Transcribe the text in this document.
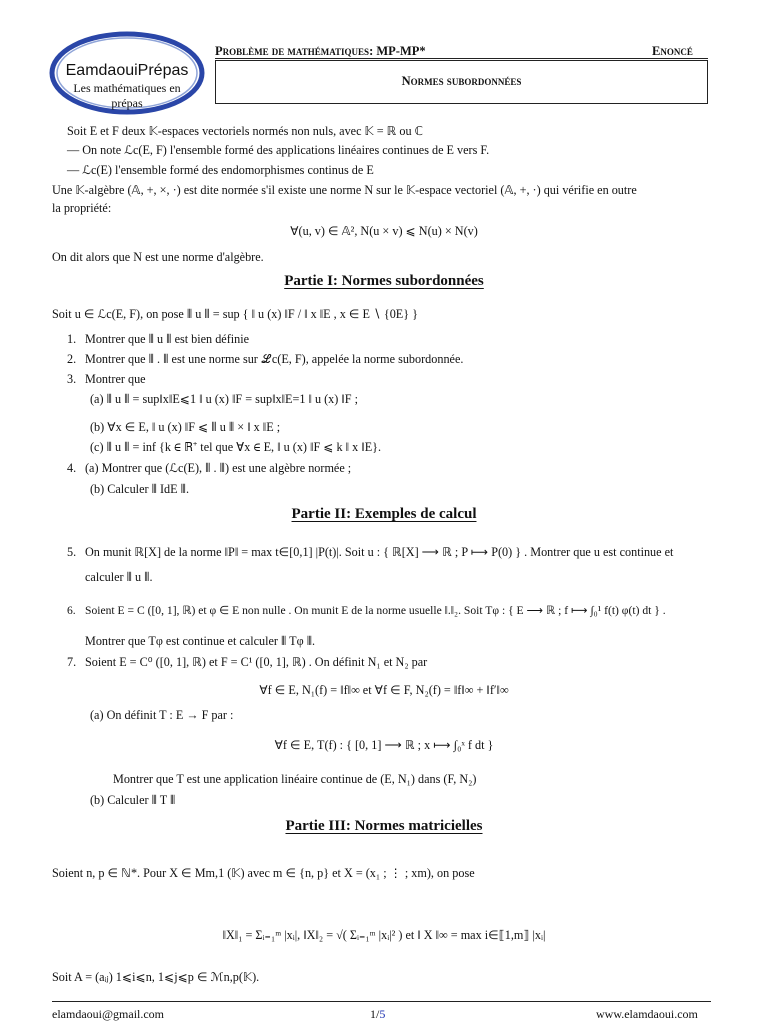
EamdaouiPrépas
Les mathématiques en prépas
Problème de mathématiques: MP-MP*	Enoncé
Normes subordonnées
Soit E et F deux 𝕂-espaces vectoriels normés non nuls, avec 𝕂 = ℝ ou ℂ
— On note ℒc(E, F) l'ensemble formé des applications linéaires continues de E vers F.
— ℒc(E) l'ensemble formé des endomorphismes continus de E
Une 𝕂-algèbre (𝔸, +, ×, ·) est dite normée s'il existe une norme N sur le 𝕂-espace vectoriel (𝔸, +, ·) qui vérifie en outre
la propriété:
∀(u, v) ∈ 𝔸², N(u × v) ⩽ N(u) × N(v)
On dit alors que N est une norme d'algèbre.
Partie I: Normes subordonnées
Soit u ∈ ℒc(E, F), on pose ⦀ u ⦀ = sup { ‖ u (x) ‖F / ‖ x ‖E , x ∈ E ∖ {0E} }
1. Montrer que ⦀ u ⦀ est bien définie
2. Montrer que ⦀ . ⦀ est une norme sur ℒc(E, F), appelée la norme subordonnée.
3. Montrer que
(a) ⦀ u ⦀ = sup‖x‖E⩽1 ‖ u (x) ‖F = sup‖x‖E=1 ‖ u (x) ‖F ;
(b) ∀x ∈ E, ‖ u (x) ‖F ⩽ ⦀ u ⦀ × ‖ x ‖E ;
(c) ⦀ u ⦀ = inf {k ∈ ℝ⁺ tel que ∀x ∈ E, ‖ u (x) ‖F ⩽ k ‖ x ‖E}.
4. (a) Montrer que (ℒc(E), ⦀ . ⦀) est une algèbre normée ;
(b) Calculer ⦀ IdE ⦀.
Partie II: Exemples de calcul
5. On munit ℝ[X] de la norme ‖P‖ = max t∈[0,1] |P(t)|. Soit u : { ℝ[X] ⟶ ℝ ; P ⟼ P(0) } . Montrer que u est continue et
calculer ⦀ u ⦀.
6. Soient E = C ([0, 1], ℝ) et φ ∈ E non nulle . On munit E de la norme usuelle ‖.‖₂. Soit Tφ : { E ⟶ ℝ ; f ⟼ ∫₀¹ f(t) φ(t) dt } .
Montrer que Tφ est continue et calculer ⦀ Tφ ⦀.
7. Soient E = C⁰ ([0, 1], ℝ) et F = C¹ ([0, 1], ℝ) . On définit N₁ et N₂ par
∀f ∈ E, N₁(f) = ‖f‖∞ et ∀f ∈ F, N₂(f) = ‖f‖∞ + ‖f′‖∞
(a) On définit T : E → F par :
∀f ∈ E, T(f) : { [0, 1] ⟶ ℝ ; x ⟼ ∫₀ˣ f dt }
Montrer que T est une application linéaire continue de (E, N₁) dans (F, N₂)
(b) Calculer ⦀ T ⦀
Partie III: Normes matricielles
Soient n, p ∈ ℕ*. Pour X ∈ Mm,1 (𝕂) avec m ∈ {n, p} et X = (x₁ ; ⋮ ; xm), on pose
‖X‖₁ = Σᵢ₌₁ᵐ |xᵢ|, ‖X‖₂ = √( Σᵢ₌₁ᵐ |xᵢ|² ) et ‖ X ‖∞ = max i∈⟦1,m⟧ |xᵢ|
Soit A = (aᵢⱼ) 1⩽i⩽n, 1⩽j⩽p ∈ ℳn,p(𝕂).
elamdaoui@gmail.com	1/5	www.elamdaoui.com
